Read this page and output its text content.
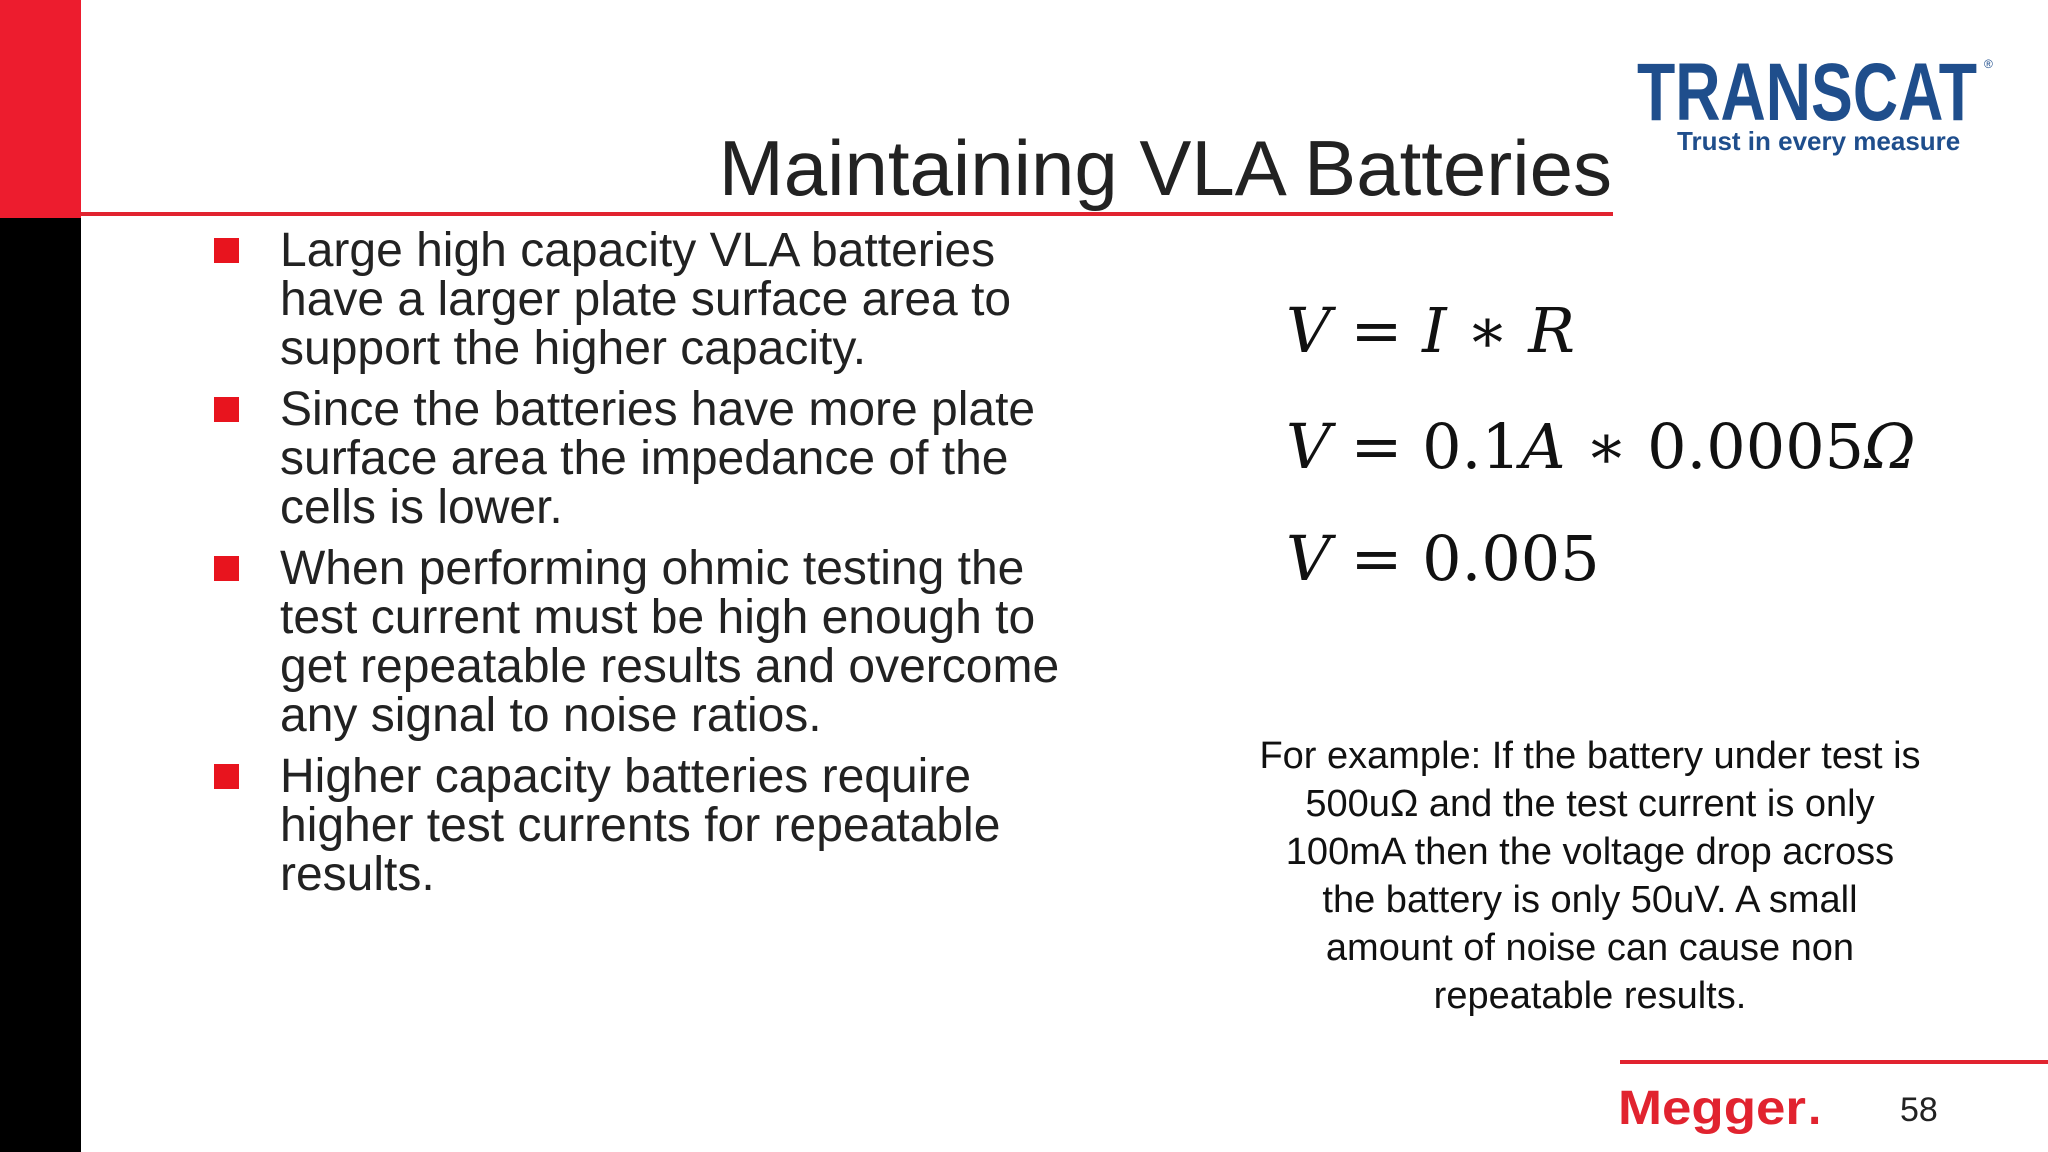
Maintaining VLA Batteries
TRANSCAT ®
Trust in every measure
Large high capacity VLA batteries have a larger plate surface area to support the higher capacity.
Since the batteries have more plate surface area the impedance of the cells is lower.
When performing ohmic testing the test current must be high enough to get repeatable results and overcome any signal to noise ratios.
Higher capacity batteries require higher test currents for repeatable results.
V = I ∗ R
V = 0.1A ∗ 0.0005Ω
V = 0.005

For example: If the battery under test is
500uΩ and the test current is only
100mA then the voltage drop across
the battery is only 50uV. A small
amount of noise can cause non
repeatable results.

Megger . 58
